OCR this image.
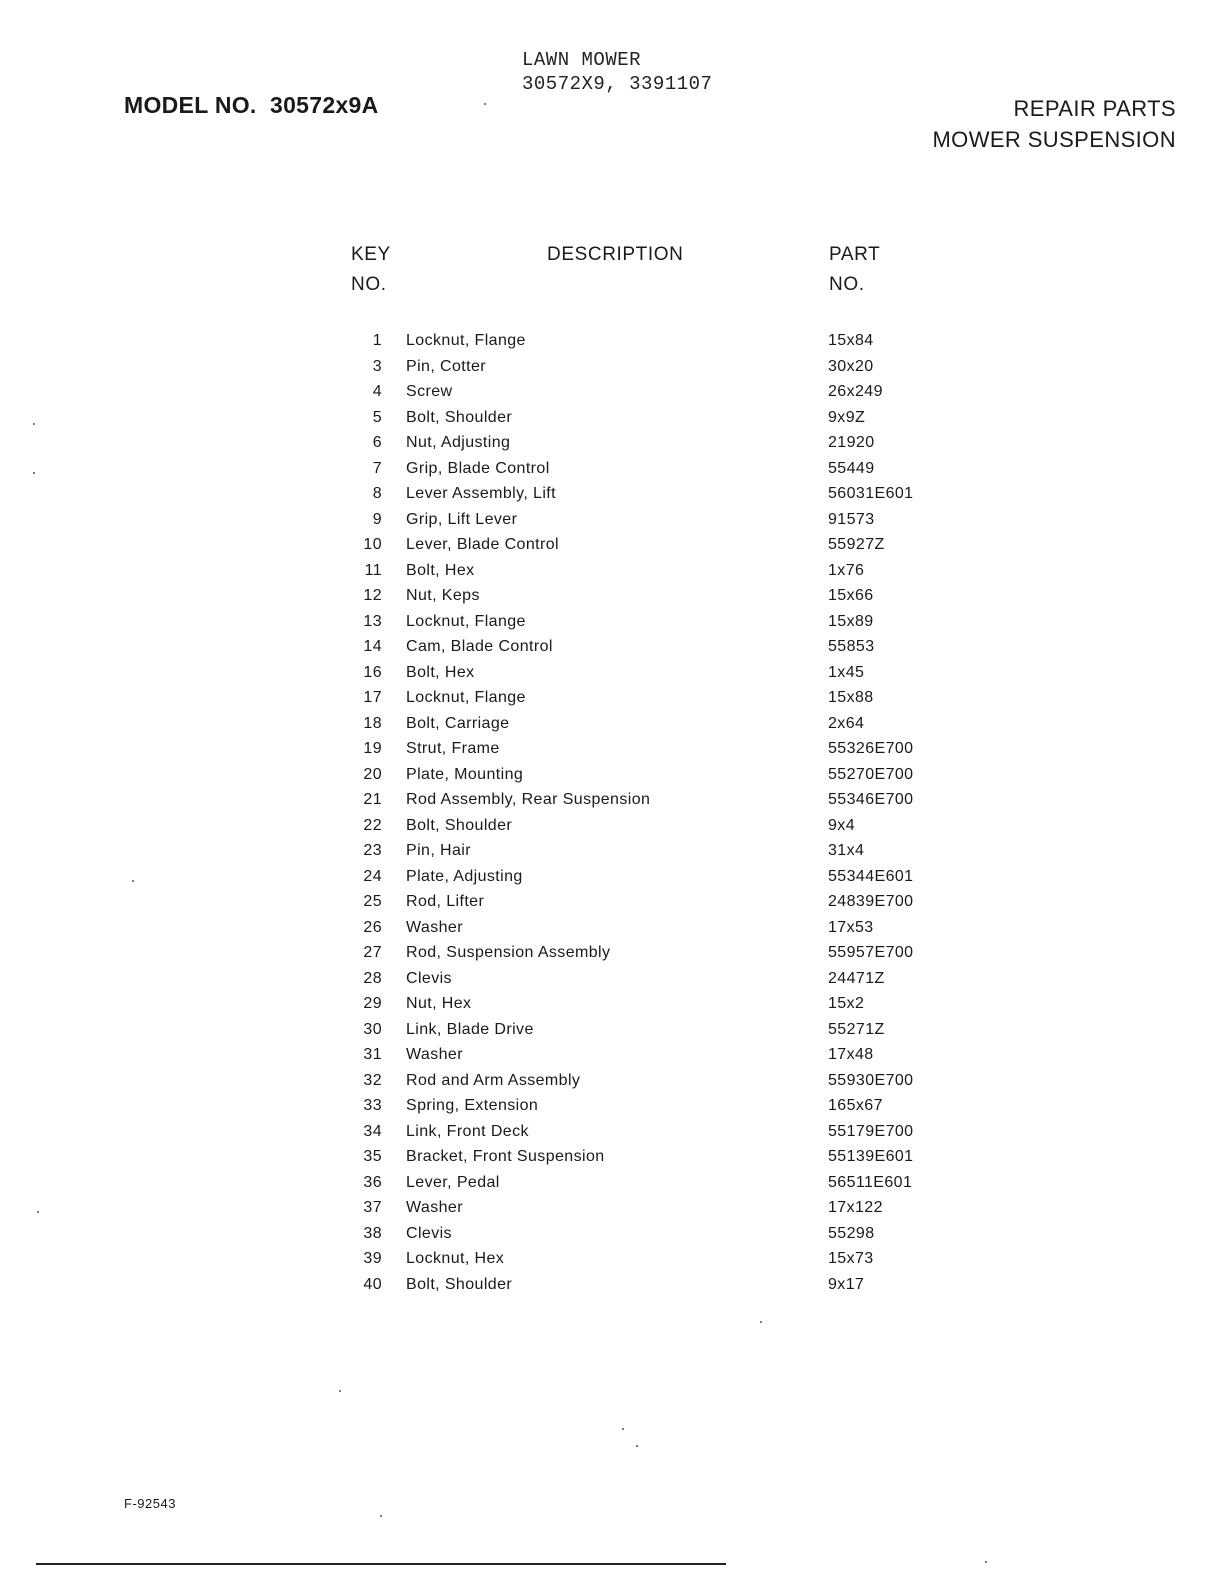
LAWN MOWER
30572X9, 3391107
MODEL NO.  30572x9A	REPAIR PARTS
MOWER SUSPENSION
KEY
NO.
DESCRIPTION	PART
NO.
1 Locknut, Flange	15x84
3 Pin, Cotter	30x20
4 Screw	26x249
5 Bolt, Shoulder	9x9Z
6 Nut, Adjusting	21920
7 Grip, Blade Control	55449
8 Lever Assembly, Lift	56031E601
9 Grip, Lift Lever	91573
10 Lever, Blade Control	55927Z
11 Bolt, Hex	1x76
12 Nut, Keps	15x66
13 Locknut, Flange	15x89
14 Cam, Blade Control	55853
16 Bolt, Hex	1x45
17 Locknut, Flange	15x88
18 Bolt, Carriage	2x64
19 Strut, Frame	55326E700
20 Plate, Mounting	55270E700
21 Rod Assembly, Rear Suspension	55346E700
22 Bolt, Shoulder	9x4
23 Pin, Hair	31x4
24 Plate, Adjusting	55344E601
25 Rod, Lifter	24839E700
26 Washer	17x53
27 Rod, Suspension Assembly	55957E700
28 Clevis	24471Z
29 Nut, Hex	15x2
30 Link, Blade Drive	55271Z
31 Washer	17x48
32 Rod and Arm Assembly	55930E700
33 Spring, Extension	165x67
34 Link, Front Deck	55179E700
35 Bracket, Front Suspension	55139E601
36 Lever, Pedal	56511E601
37 Washer	17x122
38 Clevis	55298
39 Locknut, Hex	15x73
40 Bolt, Shoulder	9x17
F-92543
